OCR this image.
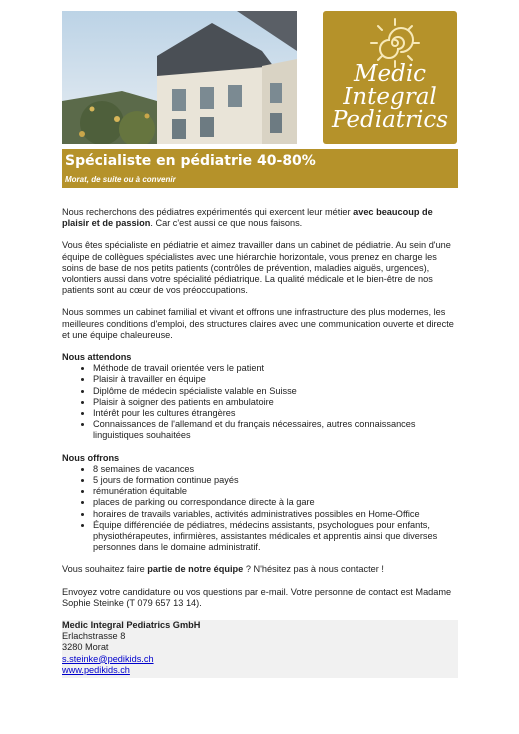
Medic
Integral
Pediatrics
Spécialiste en pédiatrie 40-80%
Morat, de suite ou à convenir

Nous recherchons des pédiatres expérimentés qui exercent leur métier avec beaucoup de plaisir et de passion. Car c'est aussi ce que nous faisons.

Vous êtes spécialiste en pédiatrie et aimez travailler dans un cabinet de pédiatrie. Au sein d'une équipe de collègues spécialistes avec une hiérarchie horizontale, vous prenez en charge les soins de base de nos petits patients (contrôles de prévention, maladies aiguës, urgences), volontiers aussi dans votre spécialité pédiatrique. La qualité médicale et le bien-être de nos patients sont au cœur de vos préoccupations.

Nous sommes un cabinet familial et vivant et offrons une infrastructure des plus modernes, les meilleures conditions d'emploi, des structures claires avec une communication ouverte et directe et une équipe chaleureuse.

Nous attendons
• Méthode de travail orientée vers le patient
• Plaisir à travailler en équipe
• Diplôme de médecin spécialiste valable en Suisse
• Plaisir à soigner des patients en ambulatoire
• Intérêt pour les cultures étrangères
• Connaissances de l'allemand et du français nécessaires, autres connaissances linguistiques souhaitées
Nous offrons
• 8 semaines de vacances
• 5 jours de formation continue payés
• rémunération équitable
• places de parking ou correspondance directe à la gare
• horaires de travails variables, activités administratives possibles en Home-Office
• Équipe différenciée de pédiatres, médecins assistants, psychologues pour enfants, physiothérapeutes, infirmières, assistantes médicales et apprentis ainsi que diverses personnes dans le domaine administratif.

Vous souhaitez faire partie de notre équipe ? N'hésitez pas à nous contacter !

Envoyez votre candidature ou vos questions par e-mail. Votre personne de contact est Madame Sophie Steinke (T 079 657 13 14).

Medic Integral Pediatrics GmbH
Erlachstrasse 8
3280 Morat
s.steinke@pedikids.ch
www.pedikids.ch
